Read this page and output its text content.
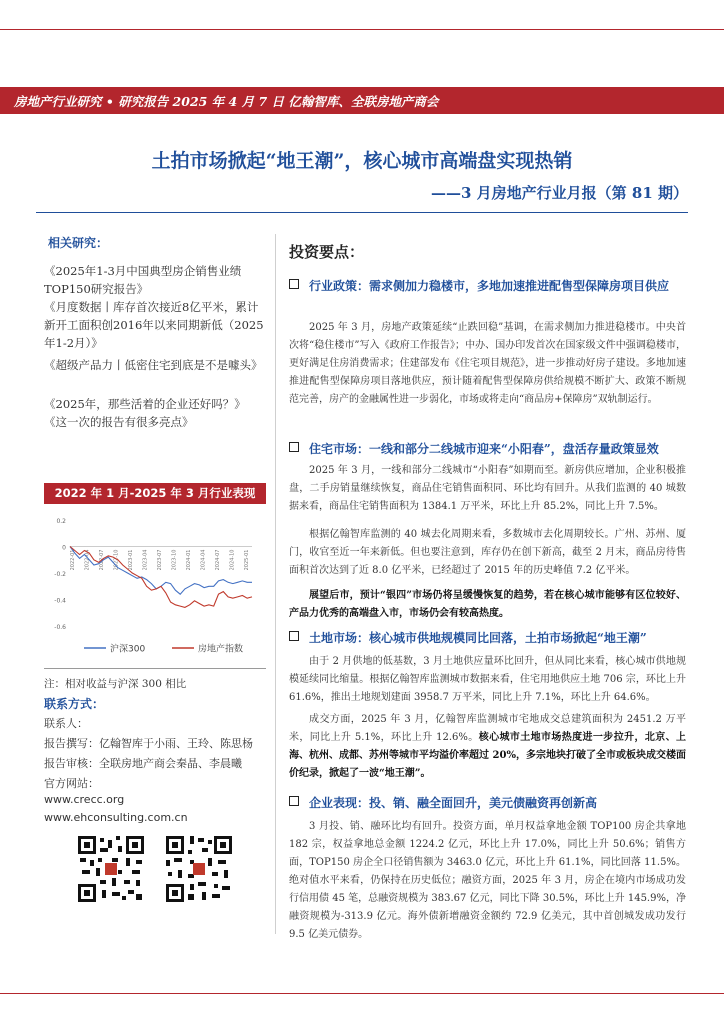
房地产行业研究 • 研究报告 2025 年 4 月 7 日 亿翰智库、全联房地产商会
土拍市场掀起“地王潮”，核心城市高端盘实现热销
——3 月房地产行业月报（第 81 期）
相关研究：
《2025年1-3月中国典型房企销售业绩TOP150研究报告》
《月度数据丨库存首次接近8亿平米，累计新开工面积创2016年以来同期新低（2025年1-2月）》
《超级产品力丨低密住宅到底是不是噱头》
《2025年，那些活着的企业还好吗？》
《这一次的报告有很多亮点》
2022 年 1 月-2025 年 3 月行业表现
0.2
0
-0.2
-0.4
-0.6
2022-01 2022-04 2022-07 2022-10 2023-01 2023-04 2023-07 2023-10 2024-01 2024-04 2024-07 2024-10 2025-01
沪深300	房地产指数
注：相对收益与沪深 300 相比
联系方式：
联系人：
报告撰写：亿翰智库于小雨、王玲、陈思杨
报告审核：全联房地产商会秦晶、李晨曦
官方网站：
www.crecc.org
www.ehconsulting.com.cn
投资要点：
行业政策：需求侧加力稳楼市，多地加速推进配售型保障房项目供应

2025 年 3 月，房地产政策延续“止跌回稳”基调，在需求侧加力推进稳楼市。中央首次将“稳住楼市”写入《政府工作报告》；中办、国办印发首次在国家级文件中强调稳楼市，更好满足住房消费需求；住建部发布《住宅项目规范》，进一步推动好房子建设。多地加速推进配售型保障房项目落地供应，预计随着配售型保障房供给规模不断扩大、政策不断规范完善，房产的金融属性进一步弱化，市场或将走向“商品房+保障房”双轨制运行。

住宅市场：一线和部分二线城市迎来“小阳春”，盘活存量政策显效

2025 年 3 月，一线和部分二线城市“小阳春”如期而至。新房供应增加，企业积极推盘，二手房销量继续恢复，商品住宅销售面积同、环比均有回升。从我们监测的 40 城数据来看，商品住宅销售面积为 1384.1 万平米，环比上升 85.2%，同比上升 7.5%。

根据亿翰智库监测的 40 城去化周期来看，多数城市去化周期较长。广州、苏州、厦门，收官至近一年来新低。但也要注意到，库存仍在创下新高，截至 2 月末，商品房待售面积首次达到了近 8.0 亿平米，已经超过了 2015 年的历史峰值 7.2 亿平米。

展望后市，预计“银四”市场仍将呈缓慢恢复的趋势，若在核心城市能够有区位较好、产品力优秀的高端盘入市，市场仍会有较高热度。

土地市场：核心城市供地规模同比回落，土拍市场掀起“地王潮”

由于 2 月供地的低基数，3 月土地供应量环比回升，但从同比来看，核心城市供地规模延续同比缩量。根据亿翰智库监测城市数据来看，住宅用地供应土地 706 宗，环比上升 61.6%，推出土地规划建面 3958.7 万平米，同比上升 7.1%，环比上升 64.6%。

成交方面，2025 年 3 月，亿翰智库监测城市宅地成交总建筑面积为 2451.2 万平米，同比上升 5.1%，环比上升 12.6%。核心城市土地市场热度进一步拉升，北京、上海、杭州、成都、苏州等城市平均溢价率超过 20%，多宗地块打破了全市或板块成交楼面价纪录，掀起了一波“地王潮”。

企业表现：投、销、融全面回升，美元债融资再创新高

3 月投、销、融环比均有回升。投资方面，单月权益拿地金额 TOP100 房企共拿地 182 宗，权益拿地总金额 1224.2 亿元，环比上升 17.0%，同比上升 50.6%；销售方面，TOP150 房企全口径销售额为 3463.0 亿元，环比上升 61.1%，同比回落 11.5%。绝对值水平来看，仍保持在历史低位；融资方面，2025 年 3 月，房企在境内市场成功发行信用债 45 笔，总融资规模为 383.67 亿元，同比下降 30.5%，环比上升 145.9%，净融资规模为-313.9 亿元。海外债新增融资金额约 72.9 亿美元，其中首创城发成功发行 9.5 亿美元债券。
